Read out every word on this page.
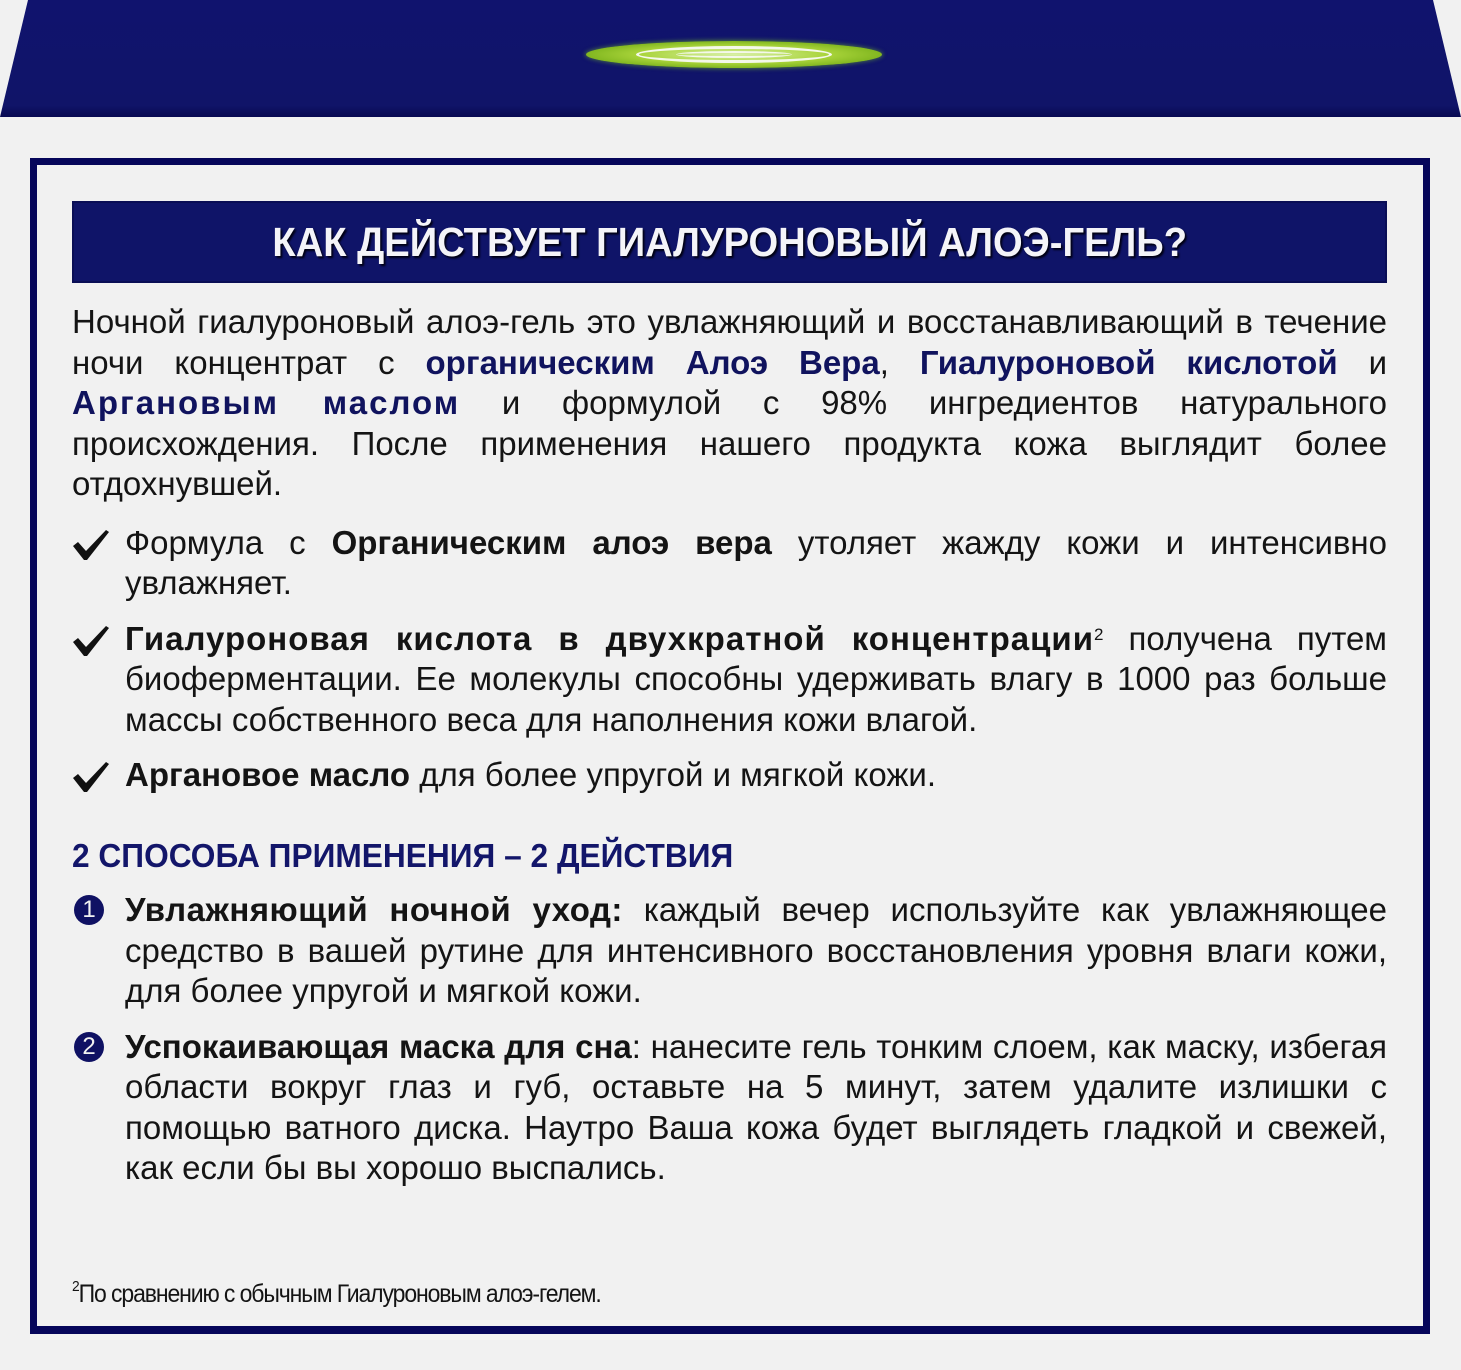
КАК ДЕЙСТВУЕТ ГИАЛУРОНОВЫЙ АЛОЭ-ГЕЛЬ?

Ночной гиалуроновый алоэ-гель это увлажняющий и восстанавливающий в течение ночи концентрат с органическим Алоэ Вера, Гиалуроновой кислотой и Аргановым маслом и формулой с 98% ингредиентов натурального происхождения. После применения нашего продукта кожа выглядит более отдохнувшей.

Формула с Органическим алоэ вера утоляет жажду кожи и интенсивно увлажняет.
Гиалуроновая кислота в двухкратной концентрации$^2$ получена путем биоферментации. Ее молекулы способны удерживать влагу в 1000 раз больше массы собственного веса для наполнения кожи влагой.
Аргановое масло для более упругой и мягкой кожи.
2 СПОСОБА ПРИМЕНЕНИЯ – 2 ДЕЙСТВИЯ
1 Увлажняющий ночной уход: каждый вечер используйте как увлажняющее средство в вашей рутине для интенсивного восстановления уровня влаги кожи, для более упругой и мягкой кожи.
2 Успокаивающая маска для сна: нанесите гель тонким слоем, как маску, избегая области вокруг глаз и губ, оставьте на 5 минут, затем удалите излишки с помощью ватного диска. Наутро Ваша кожа будет выглядеть гладкой и свежей, как если бы вы хорошо выспались.
$^2$По сравнению с обычным Гиалуроновым алоэ-гелем.
